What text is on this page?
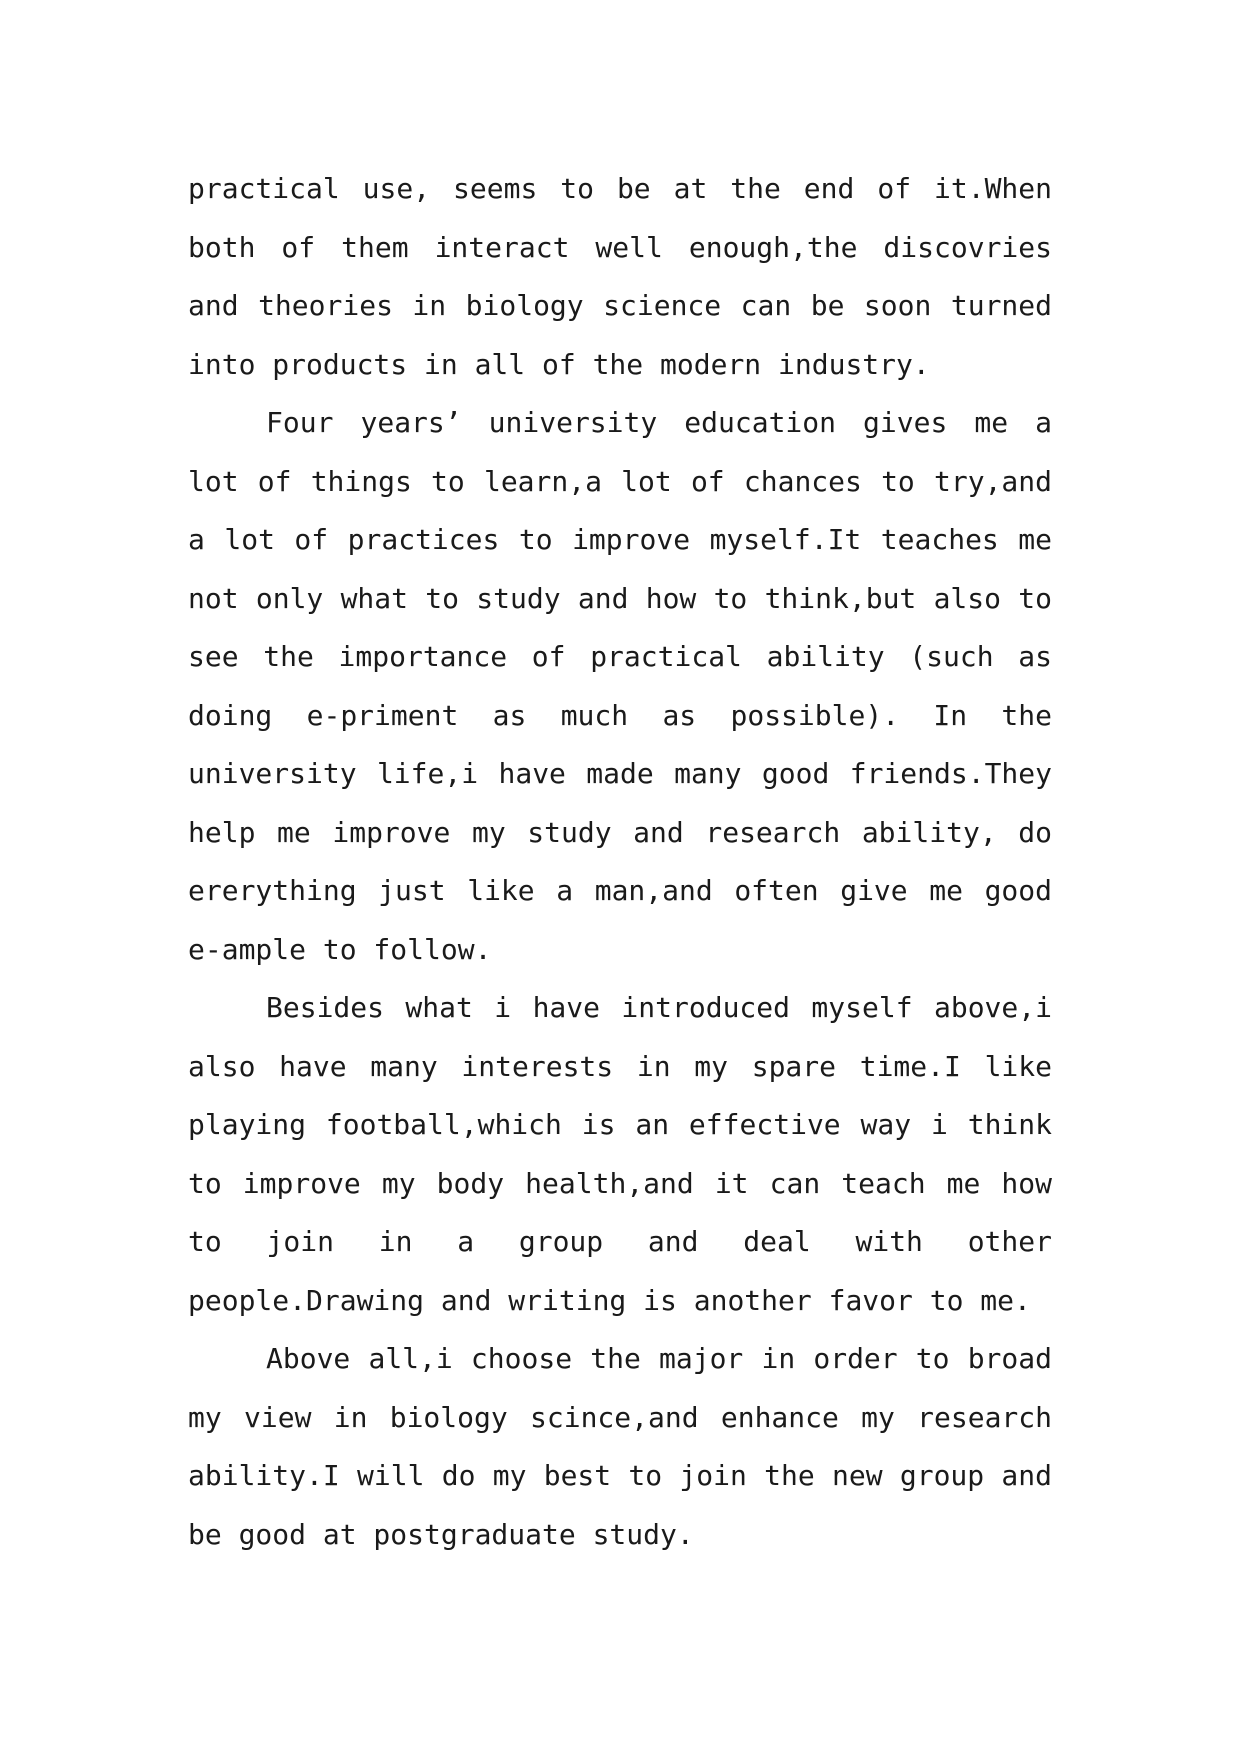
practical use, seems to be at the end of it.When both of them interact well enough,the discovries and theories in biology science can be soon turned into products in all of the modern industry.

Four years’ university education gives me a lot of things to learn,a lot of chances to try,and a lot of practices to improve myself.It teaches me not only what to study and how to think,but also to see the importance of practical ability (such as doing e-priment as much as possible). In the university life,i have made many good friends.They help me improve my study and research ability, do ererything just like a man,and often give me good e-ample to follow.

Besides what i have introduced myself above,i also have many interests in my spare time.I like playing football,which is an effective way i think to improve my body health,and it can teach me how to join in a group and deal with other people.Drawing and writing is another favor to me.

Above all,i choose the major in order to broad my view in biology scince,and enhance my research ability.I will do my best to join the new group and be good at postgraduate study.
